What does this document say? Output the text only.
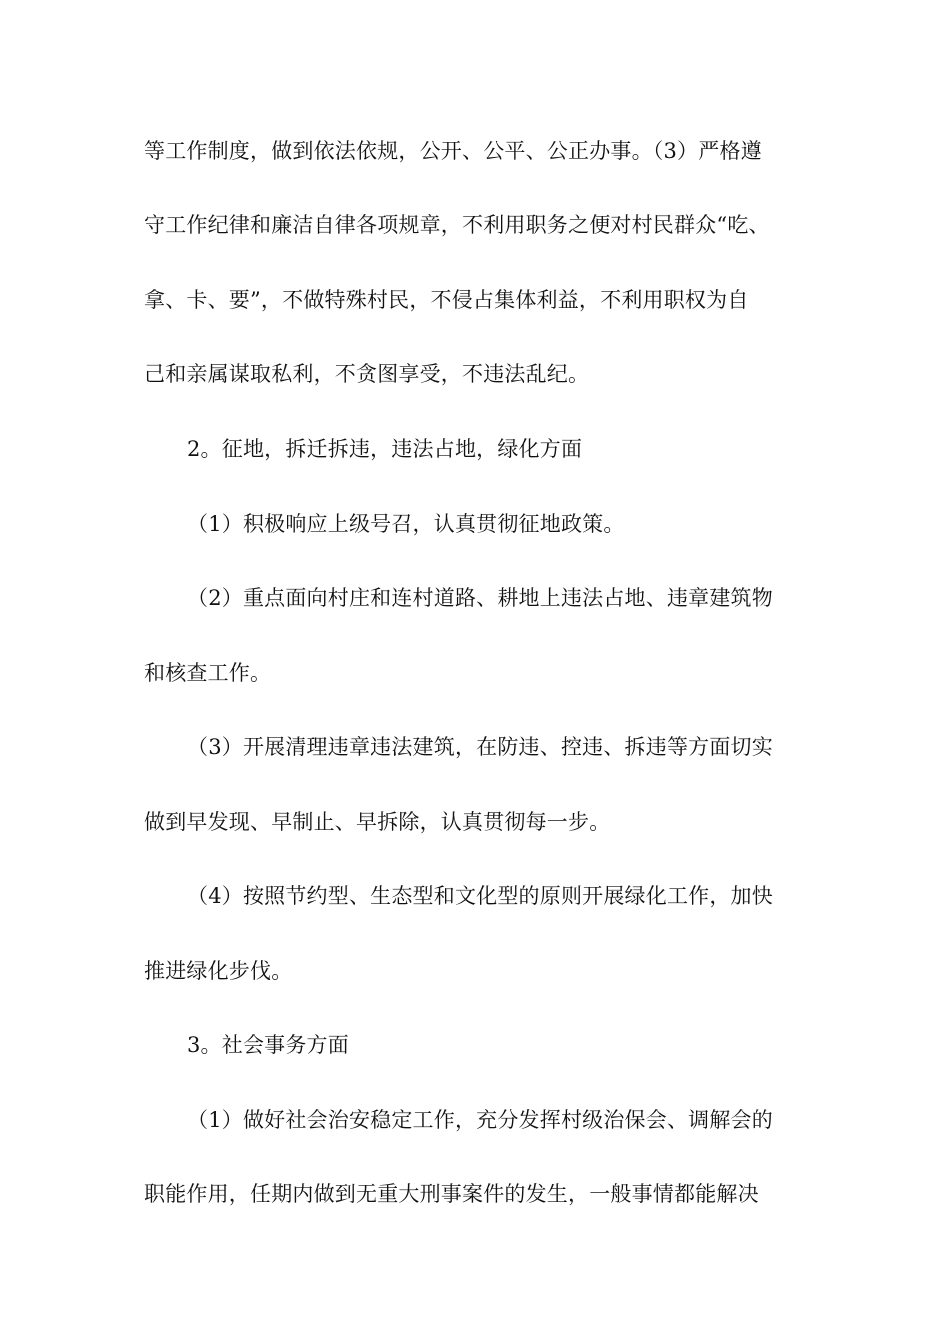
等工作制度，做到依法依规，公开、公平、公正办事。（3）严格遵
守工作纪律和廉洁自律各项规章，不利用职务之便对村民群众“吃、
拿、卡、要”，不做特殊村民，不侵占集体利益，不利用职权为自
己和亲属谋取私利，不贪图享受，不违法乱纪。
2。征地，拆迁拆违，违法占地，绿化方面
（1）积极响应上级号召，认真贯彻征地政策。
（2）重点面向村庄和连村道路、耕地上违法占地、违章建筑物
和核查工作。
（3）开展清理违章违法建筑，在防违、控违、拆违等方面切实
做到早发现、早制止、早拆除，认真贯彻每一步。
（4）按照节约型、生态型和文化型的原则开展绿化工作，加快
推进绿化步伐。
3。社会事务方面
（1）做好社会治安稳定工作，充分发挥村级治保会、调解会的
职能作用，任期内做到无重大刑事案件的发生，一般事情都能解决
